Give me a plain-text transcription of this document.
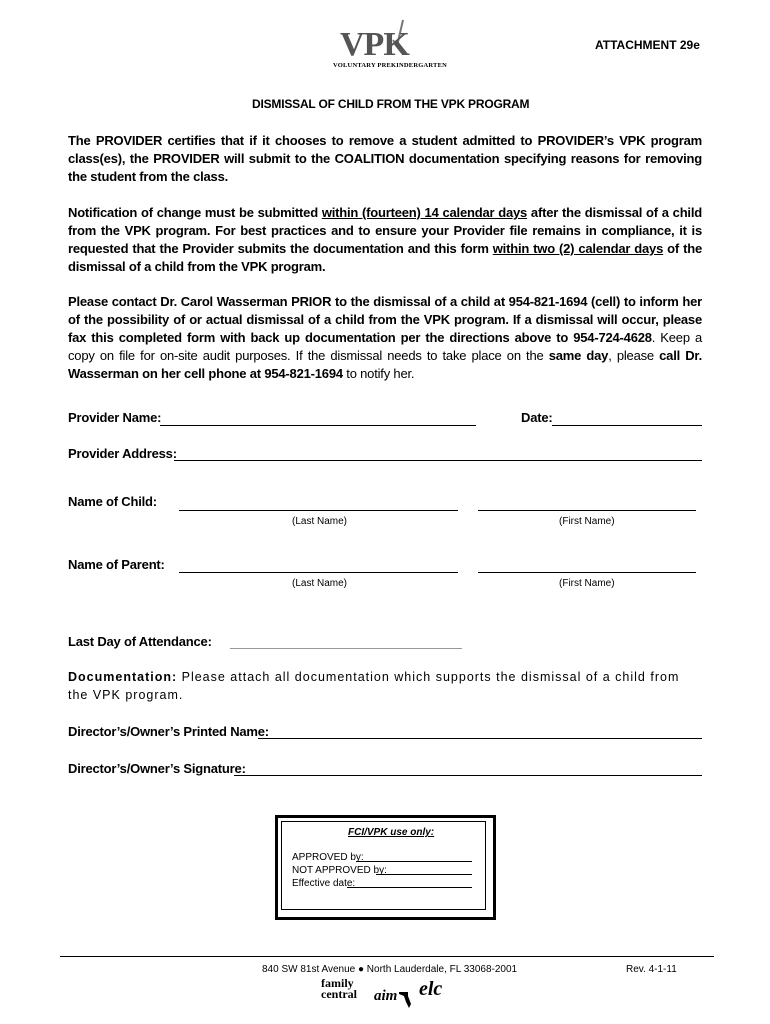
VPK
VOLUNTARY PREKINDERGARTEN
ATTACHMENT 29e
DISMISSAL OF CHILD FROM THE VPK PROGRAM
The PROVIDER certifies that if it chooses to remove a student admitted to PROVIDER’s VPK program class(es), the PROVIDER will submit to the COALITION documentation specifying reasons for removing the student from the class.
Notification of change must be submitted within (fourteen) 14 calendar days after the dismissal of a child from the VPK program. For best practices and to ensure your Provider file remains in compliance, it is requested that the Provider submits the documentation and this form within two (2) calendar days of the dismissal of a child from the VPK program.
Please contact Dr. Carol Wasserman PRIOR to the dismissal of a child at 954-821-1694 (cell) to inform her of the possibility of or actual dismissal of a child from the VPK program. If a dismissal will occur, please fax this completed form with back up documentation per the directions above to 954-724-4628. Keep a copy on file for on-site audit purposes. If the dismissal needs to take place on the same day, please call Dr. Wasserman on her cell phone at 954-821-1694 to notify her.
Provider Name:	Date:
Provider Address:
Name of Child:
(Last Name)	(First Name)
Name of Parent:
(Last Name)	(First Name)
Last Day of Attendance:
Documentation: Please attach all documentation which supports the dismissal of a child from the VPK program.
Director’s/Owner’s Printed Name:
Director’s/Owner’s Signature:
FCI/VPK use only:
APPROVED by:
NOT APPROVED by:
Effective date:
840 SW 81st Avenue ● North Lauderdale, FL 33068-2001	Rev. 4-1-11
family central	aim elc
